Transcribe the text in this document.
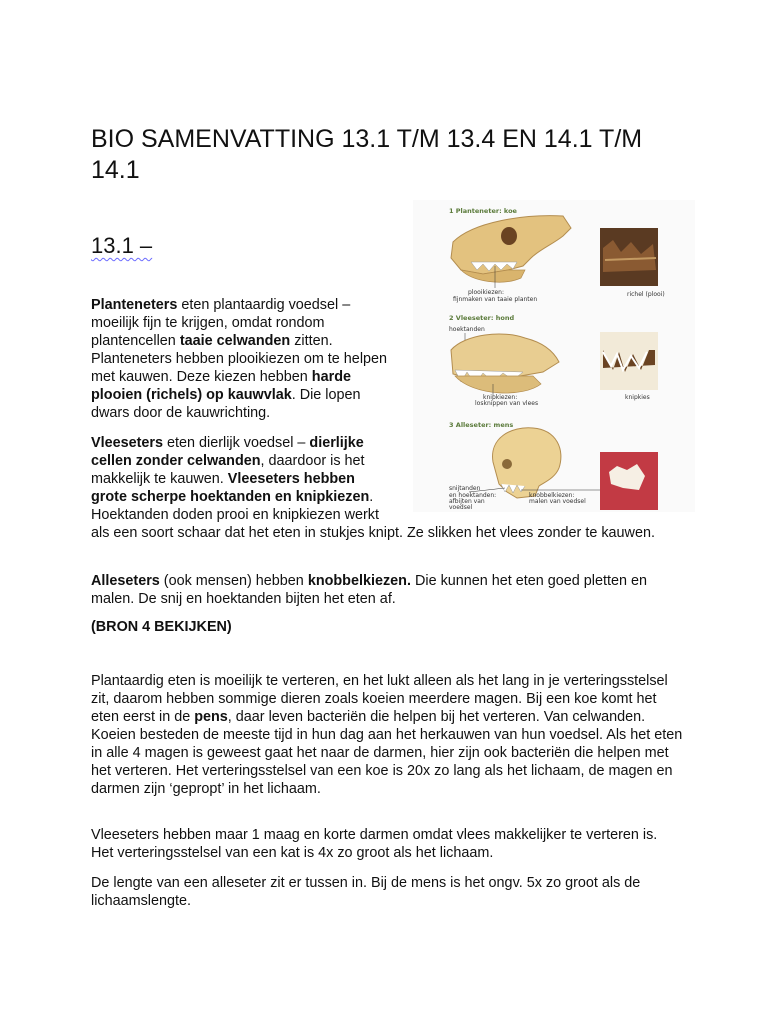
BIO SAMENVATTING 13.1 T/M 13.4 EN 14.1 T/M 14.1
13.1 –
1 Planteneter: koe
plooikiezen:
fijnmaken van taaie planten
richel (plooi)
2 Vleeseter: hond
hoektanden
knipkiezen:
losknippen van vlees
knipkies
3 Alleseter: mens
snijtanden
en hoektanden:
afbijten van
voedsel
knobbelkiezen:
malen van voedsel

Planteneters eten plantaardig voedsel – moeilijk fijn te krijgen, omdat rondom plantencellen taaie celwanden zitten. Planteneters hebben plooikiezen om te helpen met kauwen. Deze kiezen hebben harde plooien (richels) op kauwvlak. Die lopen dwars door de kauwrichting.

Vleeseters eten dierlijk voedsel – dierlijke cellen zonder celwanden, daardoor is het makkelijk te kauwen. Vleeseters hebben grote scherpe hoektanden en knipkiezen. Hoektanden doden prooi en knipkiezen werkt

als een soort schaar dat het eten in stukjes knipt. Ze slikken het vlees zonder te kauwen.

Alleseters (ook mensen) hebben knobbelkiezen. Die kunnen het eten goed pletten en malen. De snij en hoektanden bijten het eten af.

(BRON 4 BEKIJKEN)

Plantaardig eten is moeilijk te verteren, en het lukt alleen als het lang in je verteringsstelsel zit, daarom hebben sommige dieren zoals koeien meerdere magen. Bij een koe komt het eten eerst in de pens, daar leven bacteriën die helpen bij het verteren. Van celwanden. Koeien besteden de meeste tijd in hun dag aan het herkauwen van hun voedsel. Als het eten in alle 4 magen is geweest gaat het naar de darmen, hier zijn ook bacteriën die helpen met het verteren. Het verteringsstelsel van een koe is 20x zo lang als het lichaam, de magen en darmen zijn ‘gepropt’ in het lichaam.

Vleeseters hebben maar 1 maag en korte darmen omdat vlees makkelijker te verteren is. Het verteringsstelsel van een kat is 4x zo groot als het lichaam.

De lengte van een alleseter zit er tussen in. Bij de mens is het ongv. 5x zo groot als de lichaamslengte.
